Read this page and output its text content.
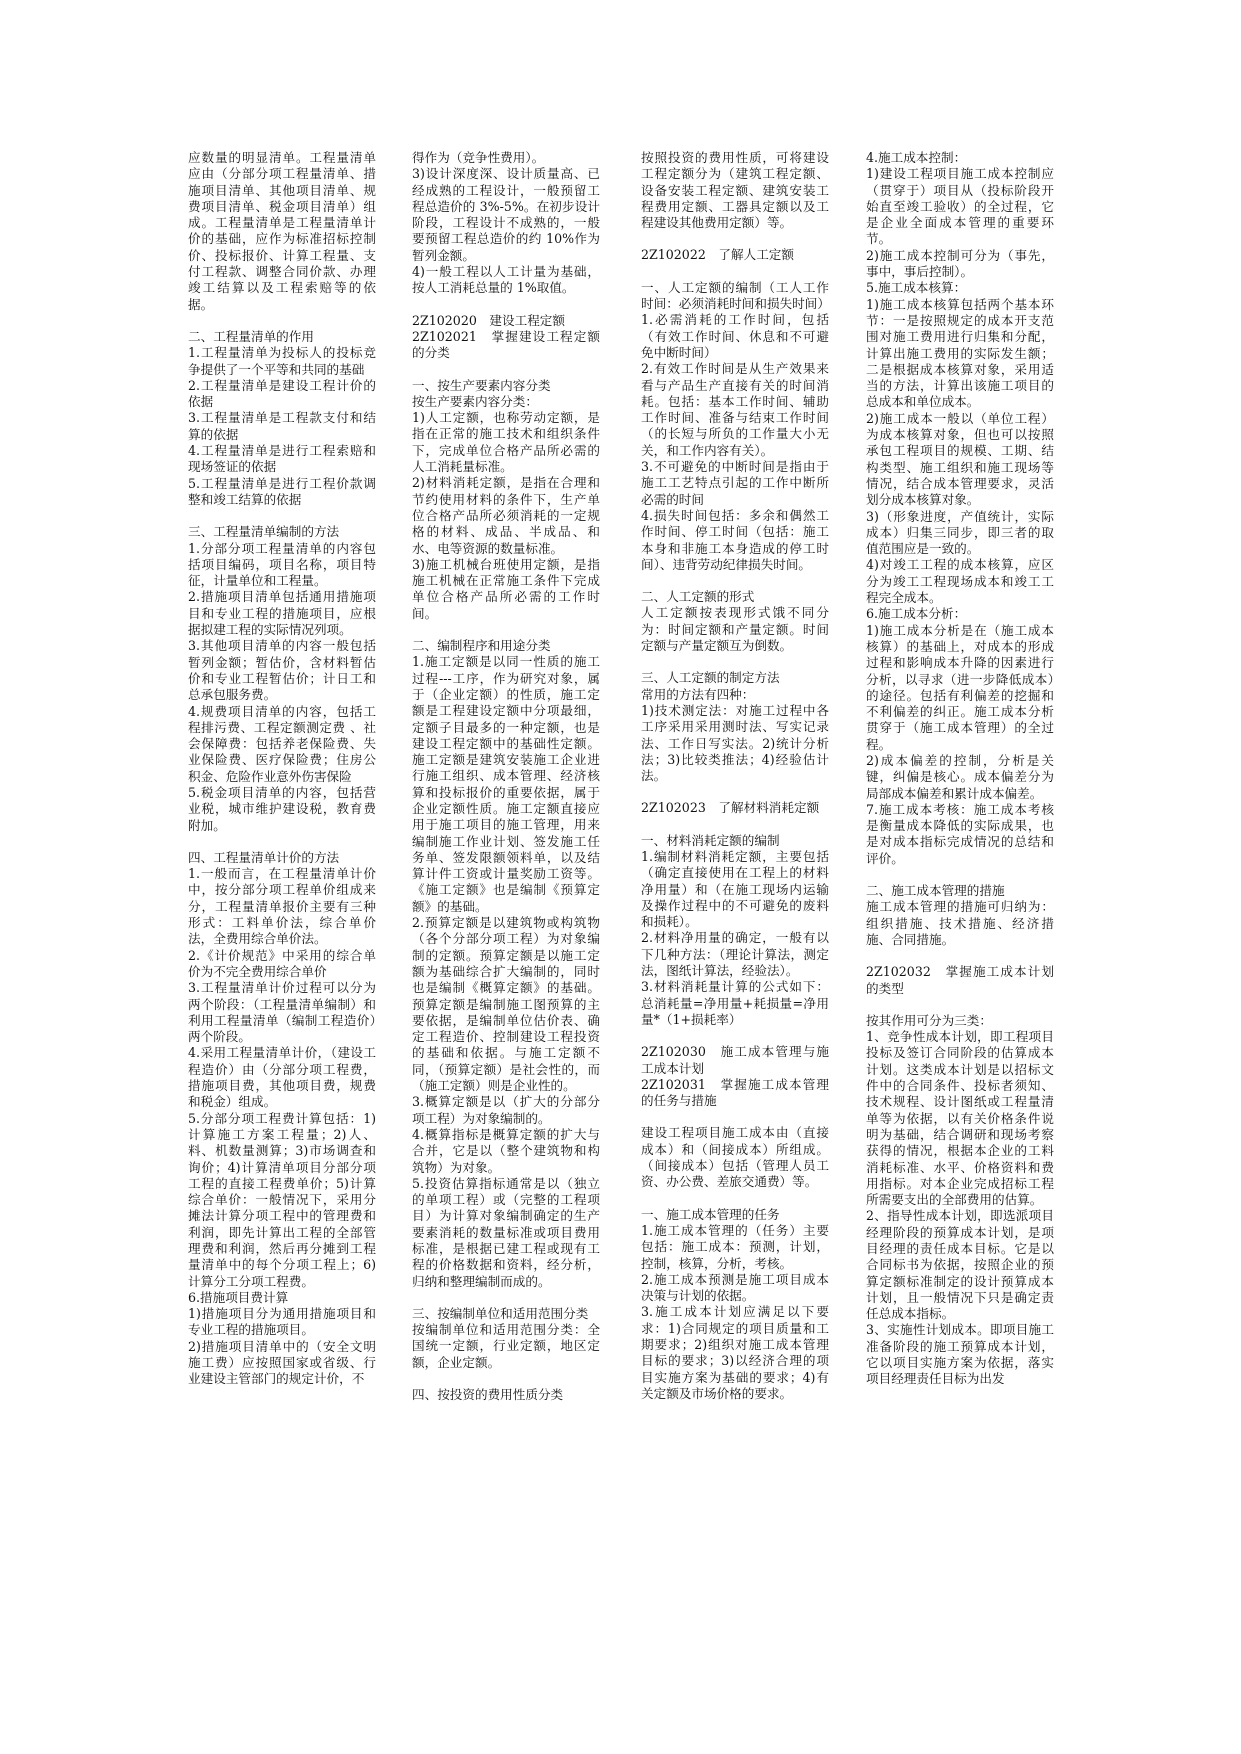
应数量的明显清单。工程量清单应由（分部分项工程量清单、措施项目清单、其他项目清单、规费项目清单、税金项目清单）组成。工程量清单是工程量清单计价的基础，应作为标准招标控制价、投标报价、计算工程量、支付工程款、调整合同价款、办理竣工结算以及工程索赔等的依据。

二、工程量清单的作用

1.工程量清单为投标人的投标竞争提供了一个平等和共同的基础

2.工程量清单是建设工程计价的依据

3.工程量清单是工程款支付和结算的依据

4.工程量清单是进行工程索赔和现场签证的依据

5.工程量清单是进行工程价款调整和竣工结算的依据

三、工程量清单编制的方法

1.分部分项工程量清单的内容包括项目编码，项目名称，项目特征，计量单位和工程量。

2.措施项目清单包括通用措施项目和专业工程的措施项目，应根据拟建工程的实际情况列项。

3.其他项目清单的内容一般包括暂列金额；暂估价，含材料暂估价和专业工程暂估价；计日工和总承包服务费。

4.规费项目清单的内容，包括工程排污费、工程定额测定费 、社会保障费：包括养老保险费、失业保险费、医疗保险费；住房公积金、危险作业意外伤害保险

5.税金项目清单的内容，包括营业税，城市维护建设税，教育费附加。

四、工程量清单计价的方法

1.一般而言，在工程量清单计价中，按分部分项工程单价组成来分，工程量清单报价主要有三种形式：工料单价法，综合单价法，全费用综合单价法。

2.《计价规范》中采用的综合单价为不完全费用综合单价

3.工程量清单计价过程可以分为两个阶段：（工程量清单编制）和利用工程量清单（编制工程造价）两个阶段。

4.采用工程量清单计价，（建设工程造价）由（分部分项工程费，措施项目费，其他项目费，规费和税金）组成。

5.分部分项工程费计算包括：1)计算施工方案工程量；2)人、料、机数量测算；3)市场调查和询价；4)计算清单项目分部分项工程的直接工程费单价；5)计算综合单价：一般情况下，采用分摊法计算分项工程中的管理费和利润，即先计算出工程的全部管理费和利润，然后再分摊到工程量清单中的每个分项工程上；6)计算分工分项工程费。

6.措施项目费计算

1)措施项目分为通用措施项目和专业工程的措施项目。

2)措施项目清单中的（安全文明施工费）应按照国家或省级、行业建设主管部门的规定计价，不

得作为（竞争性费用）。

3)设计深度深、设计质量高、已经成熟的工程设计，一般预留工程总造价的 3%-5%。在初步设计阶段，工程设计不成熟的，一般要预留工程总造价的约 10%作为暂列金额。

4)一般工程以人工计量为基础，按人工消耗总量的 1%取值。

2Z102020　建设工程定额

2Z102021　掌握建设工程定额的分类

一、按生产要素内容分类

按生产要素内容分类：

1)人工定额，也称劳动定额，是指在正常的施工技术和组织条件下，完成单位合格产品所必需的人工消耗量标准。

2)材料消耗定额，是指在合理和节约使用材料的条件下，生产单位合格产品所必须消耗的一定规格的材料、成品、半成品、和水、电等资源的数量标准。

3)施工机械台班使用定额，是指施工机械在正常施工条件下完成单位合格产品所必需的工作时间。

二、编制程序和用途分类

1.施工定额是以同一性质的施工过程---工序，作为研究对象，属于（企业定额）的性质，施工定额是工程建设定额中分项最细，定额子目最多的一种定额，也是建设工程定额中的基础性定额。施工定额是建筑安装施工企业进行施工组织、成本管理、经济核算和投标报价的重要依据，属于企业定额性质。施工定额直接应用于施工项目的施工管理，用来编制施工作业计划、签发施工任务单、签发限额领料单，以及结算计件工资或计量奖励工资等。《施工定额》也是编制《预算定额》的基础。

2.预算定额是以建筑物或构筑物（各个分部分项工程）为对象编制的定额。预算定额是以施工定额为基础综合扩大编制的，同时也是编制《概算定额》的基础。预算定额是编制施工图预算的主要依据，是编制单位估价表、确定工程造价、控制建设工程投资的基础和依据。与施工定额不同，（预算定额）是社会性的，而（施工定额）则是企业性的。

3.概算定额是以（扩大的分部分项工程）为对象编制的。

4.概算指标是概算定额的扩大与合并，它是以（整个建筑物和构筑物）为对象。

5.投资估算指标通常是以（独立的单项工程）或（完整的工程项目）为计算对象编制确定的生产要素消耗的数量标准或项目费用标准，是根据已建工程或现有工程的价格数据和资料，经分析，归纳和整理编制而成的。

三、按编制单位和适用范围分类

按编制单位和适用范围分类：全国统一定额，行业定额，地区定额，企业定额。

四、按投资的费用性质分类

按照投资的费用性质，可将建设工程定额分为（建筑工程定额、设备安装工程定额、建筑安装工程费用定额、工器具定额以及工程建设其他费用定额）等。

2Z102022　了解人工定额

一、人工定额的编制（工人工作时间：必须消耗时间和损失时间）

1.必需消耗的工作时间，包括（有效工作时间、休息和不可避免中断时间）

2.有效工作时间是从生产效果来看与产品生产直接有关的时间消耗。包括：基本工作时间、辅助工作时间、准备与结束工作时间（的长短与所负的工作量大小无关，和工作内容有关）。

3.不可避免的中断时间是指由于施工工艺特点引起的工作中断所必需的时间

4.损失时间包括：多余和偶然工作时间、停工时间（包括：施工本身和非施工本身造成的停工时间）、违背劳动纪律损失时间。

二、人工定额的形式

人工定额按表现形式饿不同分为：时间定额和产量定额。时间定额与产量定额互为倒数。

三、人工定额的制定方法

常用的方法有四种：

1)技术测定法：对施工过程中各工序采用采用测时法、写实记录法、工作日写实法。2)统计分析法；3)比较类推法；4)经验估计法。

2Z102023　了解材料消耗定额

一、材料消耗定额的编制

1.编制材料消耗定额，主要包括（确定直接使用在工程上的材料净用量）和（在施工现场内运输及操作过程中的不可避免的废料和损耗）。

2.材料净用量的确定，一般有以下几种方法：（理论计算法，测定法，图纸计算法，经验法）。

3.材料消耗量计算的公式如下：总消耗量=净用量+耗损量=净用量*（1+损耗率）

2Z102030　施工成本管理与施工成本计划

2Z102031　掌握施工成本管理的任务与措施

建设工程项目施工成本由（直接成本）和（间接成本）所组成。（间接成本）包括（管理人员工资、办公费、差旅交通费）等。

一、施工成本管理的任务

1.施工成本管理的（任务）主要包括：施工成本：预测，计划，控制，核算，分析，考核。

2.施工成本预测是施工项目成本决策与计划的依据。

3.施工成本计划应满足以下要求：1)合同规定的项目质量和工期要求；2)组织对施工成本管理目标的要求；3)以经济合理的项目实施方案为基础的要求；4)有关定额及市场价格的要求。

4.施工成本控制：

1)建设工程项目施工成本控制应（贯穿于）项目从（投标阶段开始直至竣工验收）的全过程，它是企业全面成本管理的重要环节。

2)施工成本控制可分为（事先，事中，事后控制）。

5.施工成本核算：

1)施工成本核算包括两个基本环节：一是按照规定的成本开支范围对施工费用进行归集和分配，计算出施工费用的实际发生额；二是根据成本核算对象，采用适当的方法，计算出该施工项目的总成本和单位成本。

2)施工成本一般以（单位工程）为成本核算对象，但也可以按照承包工程项目的规模、工期、结构类型、施工组织和施工现场等情况，结合成本管理要求，灵活划分成本核算对象。

3)（形象进度，产值统计，实际成本）归集三同步，即三者的取值范围应是一致的。

4)对竣工工程的成本核算，应区分为竣工工程现场成本和竣工工程完全成本。

6.施工成本分析：

1)施工成本分析是在（施工成本核算）的基础上，对成本的形成过程和影响成本升降的因素进行分析，以寻求（进一步降低成本）的途径。包括有利偏差的挖掘和不利偏差的纠正。施工成本分析贯穿于（施工成本管理）的全过程。

2)成本偏差的控制，分析是关键，纠偏是核心。成本偏差分为局部成本偏差和累计成本偏差。

7.施工成本考核：施工成本考核是衡量成本降低的实际成果，也是对成本指标完成情况的总结和评价。

二、施工成本管理的措施

施工成本管理的措施可归纳为：组织措施、技术措施、经济措施、合同措施。

2Z102032　掌握施工成本计划的类型

按其作用可分为三类：

1、竞争性成本计划，即工程项目投标及签订合同阶段的估算成本计划。这类成本计划是以招标文件中的合同条件、投标者须知、技术规程、设计图纸或工程量清单等为依据，以有关价格条件说明为基础，结合调研和现场考察获得的情况，根据本企业的工料消耗标准、水平、价格资料和费用指标。对本企业完成招标工程所需要支出的全部费用的估算。

2、指导性成本计划，即选派项目经理阶段的预算成本计划，是项目经理的责任成本目标。它是以合同标书为依据，按照企业的预算定额标准制定的设计预算成本计划，且一般情况下只是确定责任总成本指标。

3、实施性计划成本。即项目施工准备阶段的施工预算成本计划，它以项目实施方案为依据，落实项目经理责任目标为出发
